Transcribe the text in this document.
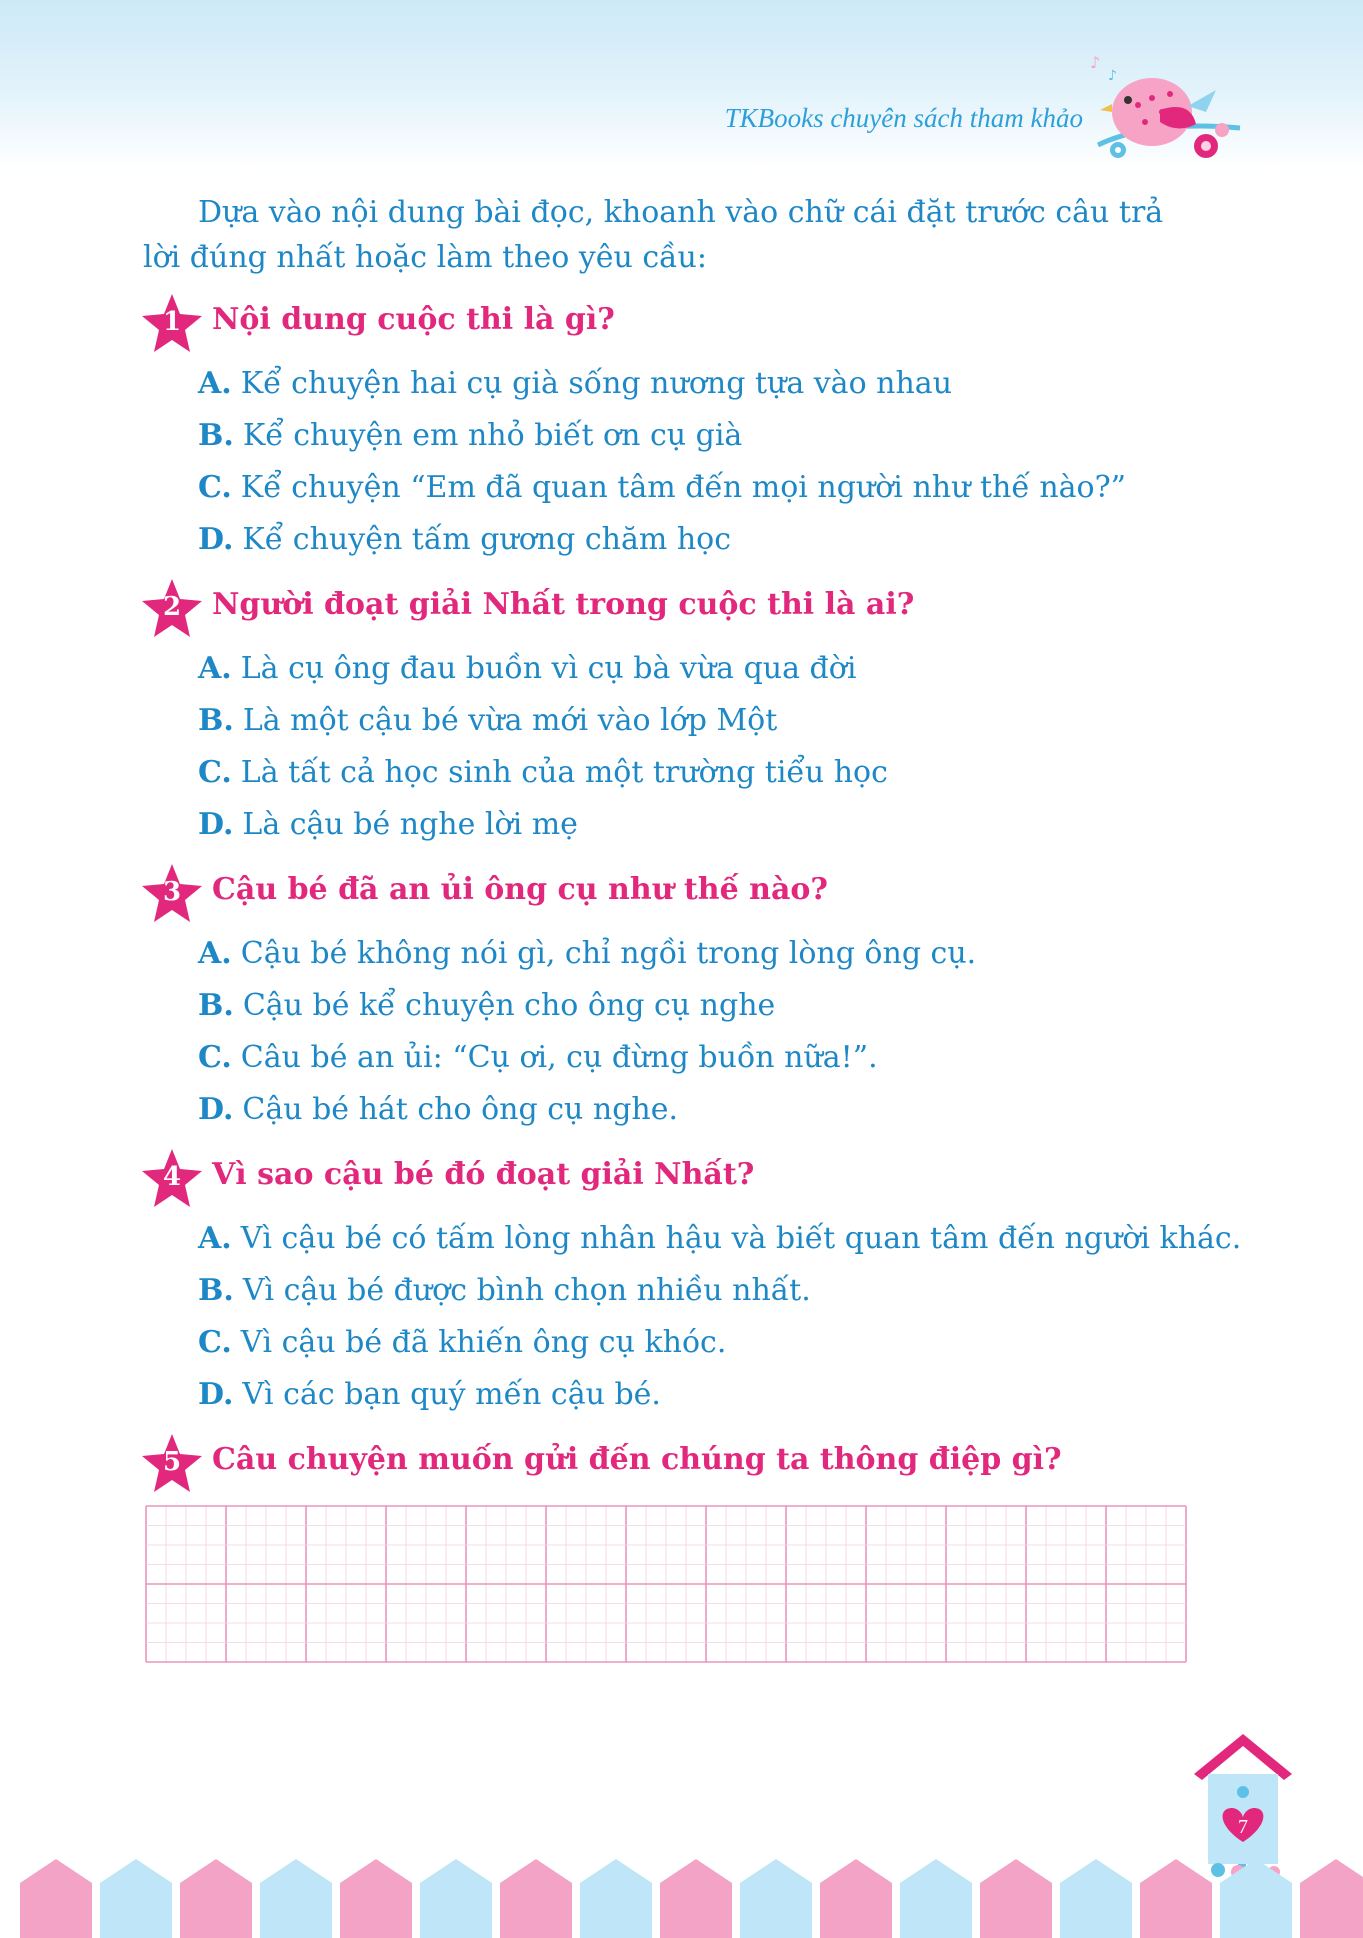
TKBooks chuyên sách tham khảo
♪
♪
Dựa vào nội dung bài đọc, khoanh vào chữ cái đặt trước câu trả lời đúng nhất hoặc làm theo yêu cầu:
1	Nội dung cuộc thi là gì?
A. Kể chuyện hai cụ già sống nương tựa vào nhau
B. Kể chuyện em nhỏ biết ơn cụ già
C. Kể chuyện “Em đã quan tâm đến mọi người như thế nào?”
D. Kể chuyện tấm gương chăm học
2	Người đoạt giải Nhất trong cuộc thi là ai?
A. Là cụ ông đau buồn vì cụ bà vừa qua đời
B. Là một cậu bé vừa mới vào lớp Một
C. Là tất cả học sinh của một trường tiểu học
D. Là cậu bé nghe lời mẹ
3	Cậu bé đã an ủi ông cụ như thế nào?
A. Cậu bé không nói gì, chỉ ngồi trong lòng ông cụ.
B. Cậu bé kể chuyện cho ông cụ nghe
C. Câu bé an ủi: “Cụ ơi, cụ đừng buồn nữa!”.
D. Cậu bé hát cho ông cụ nghe.
4	Vì sao cậu bé đó đoạt giải Nhất?
A. Vì cậu bé có tấm lòng nhân hậu và biết quan tâm đến người khác.
B. Vì cậu bé được bình chọn nhiều nhất.
C. Vì cậu bé đã khiến ông cụ khóc.
D. Vì các bạn quý mến cậu bé.
5	Câu chuyện muốn gửi đến chúng ta thông điệp gì?
7
